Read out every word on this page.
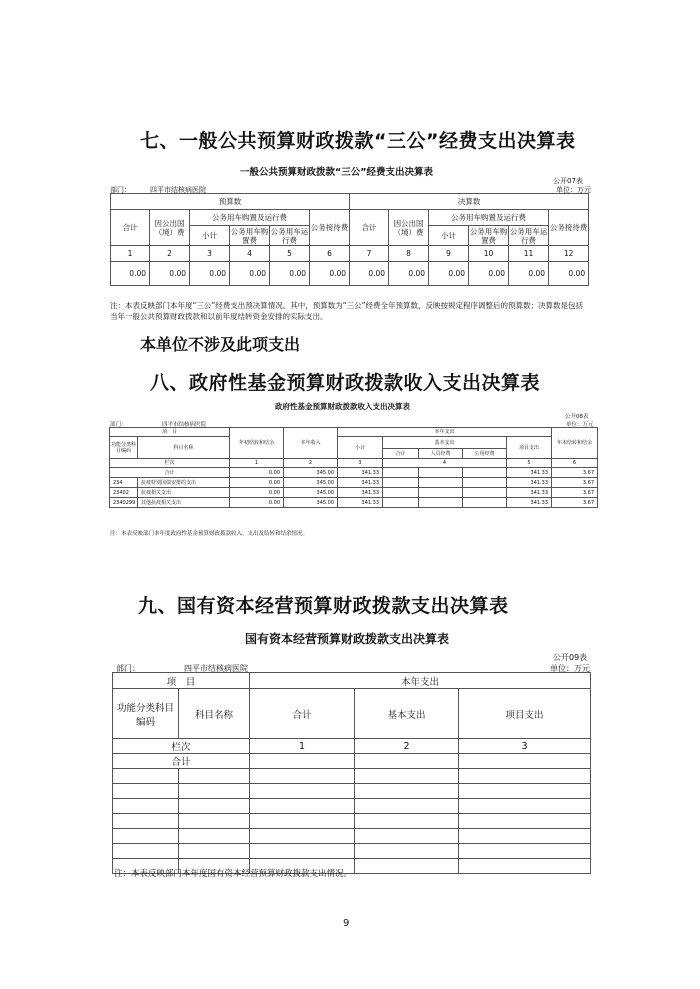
七、一般公共预算财政拨款“三公”经费支出决算表
一般公共预算财政拨款“三公”经费支出决算表
公开07表
部门：	四平市结核病医院	单位：万元
预算数						决算数					
合计	因公出国（境）费	公务用车购置及运行费			公务接待费	合计	因公出国（境）费	公务用车购置及运行费			公务接待费
		小计	公务用车购置费	公务用车运行费				小计	公务用车购置费	公务用车运行费	
1	2	3	4	5	6	7	8	9	10	11	12
0.00	0.00	0.00	0.00	0.00	0.00	0.00	0.00	0.00	0.00	0.00	0.00
注：本表反映部门本年度“三公”经费支出预决算情况。其中，预算数为“三公”经费全年预算数，反映按规定程序调整后的预算数；决算数是包括当年一般公共预算财政拨款和以前年度结转资金安排的实际支出。
本单位不涉及此项支出
八、政府性基金预算财政拨款收入支出决算表
政府性基金预算财政拨款收入支出决算表
公开08表
部门：	四平市结核病医院	单位：万元
项　目		年初结转和结余	本年收入	本年支出					年末结转和结余
功能分类科目编码	科目名称			小计	基本支出			项目支出	
					合计	人员经费	公用经费		
栏次		1	2	3	4			5	6
合计		0.00	345.00	341.33				341.33	3.67
234	抗疫特别国债安排的支出	0.00	345.00	341.33				341.33	3.67
23402	抗疫相关支出	0.00	345.00	341.33				341.33	3.67
2340299	其他抗疫相关支出	0.00	345.00	341.33				341.33	3.67
注：本表反映部门本年度政府性基金预算财政拨款收入、支出及结转和结余情况。
九、国有资本经营预算财政拨款支出决算表
国有资本经营预算财政拨款支出决算表
公开09表
部门：	四平市结核病医院	单位：万元
项　目		本年支出		
功能分类科目编码	科目名称	合计	基本支出	项目支出
栏次		1	2	3
合计				

注：本表反映部门本年度国有资本经营预算财政拨款支出情况。
9
